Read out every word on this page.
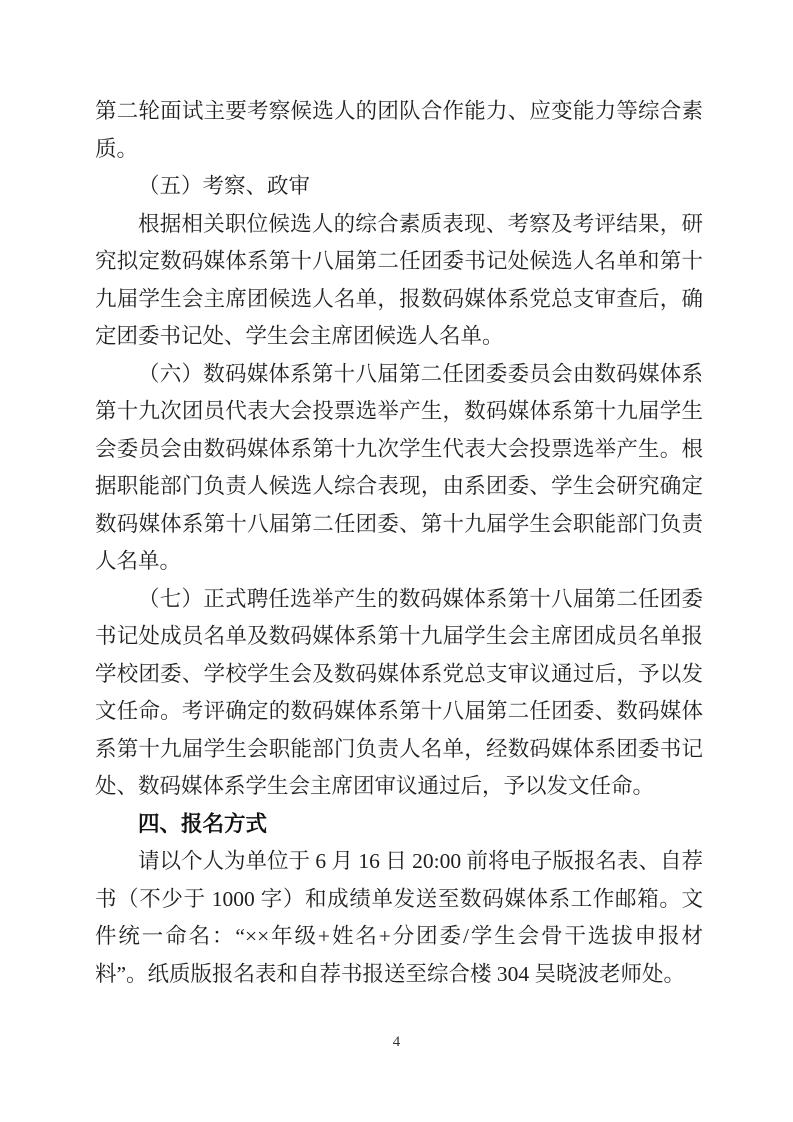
第二轮面试主要考察候选人的团队合作能力、应变能力等综合素质。

（五）考察、政审

根据相关职位候选人的综合素质表现、考察及考评结果，研究拟定数码媒体系第十八届第二任团委书记处候选人名单和第十九届学生会主席团候选人名单，报数码媒体系党总支审查后，确定团委书记处、学生会主席团候选人名单。

（六）数码媒体系第十八届第二任团委委员会由数码媒体系第十九次团员代表大会投票选举产生，数码媒体系第十九届学生会委员会由数码媒体系第十九次学生代表大会投票选举产生。根据职能部门负责人候选人综合表现，由系团委、学生会研究确定数码媒体系第十八届第二任团委、第十九届学生会职能部门负责人名单。

（七）正式聘任选举产生的数码媒体系第十八届第二任团委书记处成员名单及数码媒体系第十九届学生会主席团成员名单报学校团委、学校学生会及数码媒体系党总支审议通过后，予以发文任命。考评确定的数码媒体系第十八届第二任团委、数码媒体系第十九届学生会职能部门负责人名单，经数码媒体系团委书记处、数码媒体系学生会主席团审议通过后，予以发文任命。

四、报名方式

请以个人为单位于 6 月 16 日 20:00 前将电子版报名表、自荐书（不少于 1000 字）和成绩单发送至数码媒体系工作邮箱。文件统一命名：“××年级+姓名+分团委/学生会骨干选拔申报材料”。纸质版报名表和自荐书报送至综合楼 304 吴晓波老师处。

4
